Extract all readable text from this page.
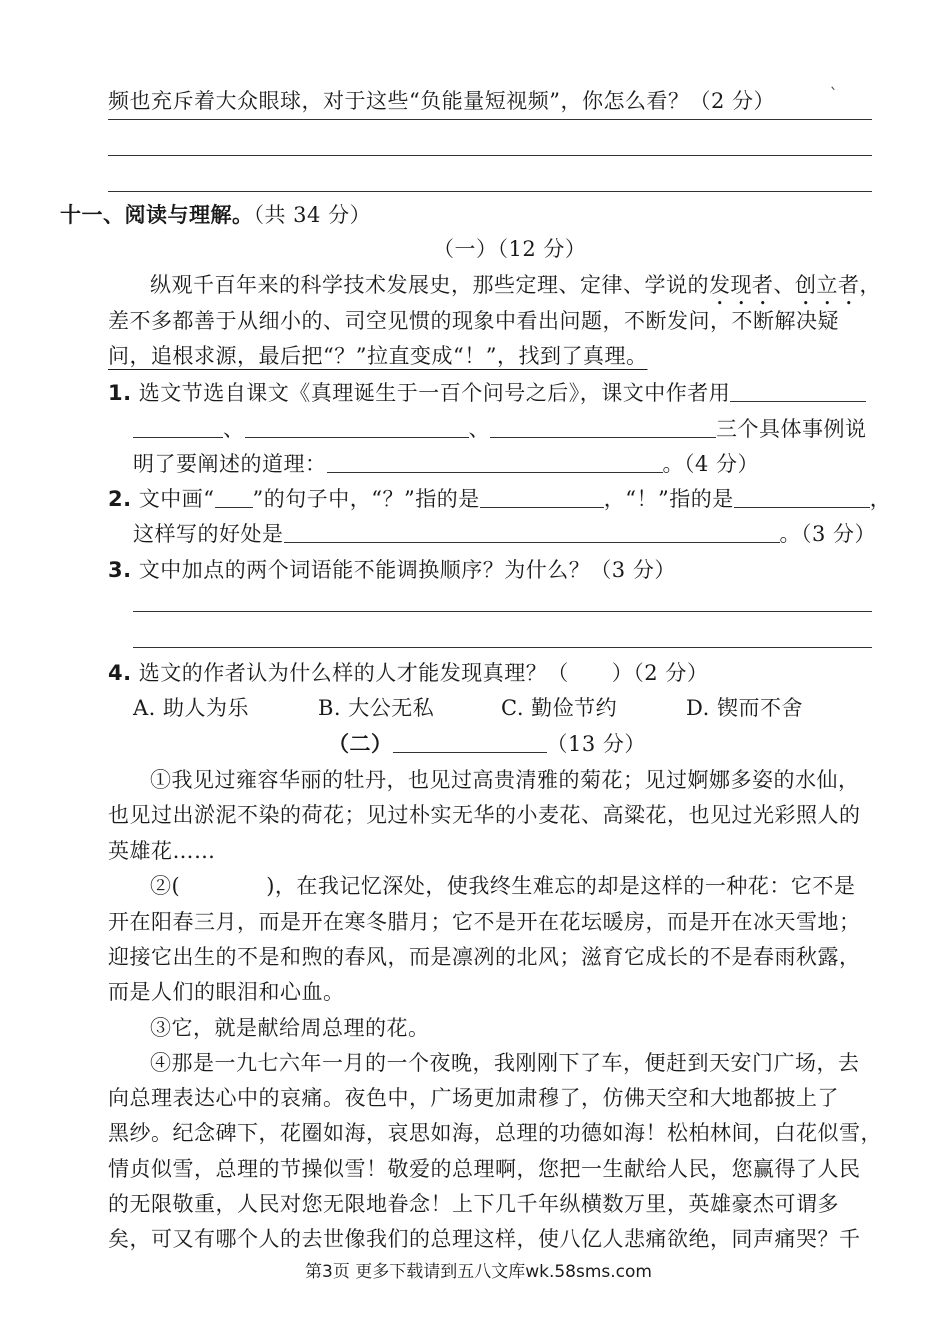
频也充斥着大众眼球，对于这些“负能量短视频”，你怎么看？（2 分）
十一、阅读与理解。（共 34 分）
（一）（12 分）
纵观千百年来的科学技术发展史，那些定理、定律、学说的发现者、创立者，
差不多都善于从细小的、司空见惯的现象中看出问题，不断发问，不断解决疑
问，追根求源，最后把“？”拉直变成“！”，找到了真理。
1. 选文节选自课文《真理诞生于一百个问号之后》，课文中作者用
、	、	三个具体事例说
明了要阐述的道理：	。（4 分）
2. 文中画“ ”的句子中，“？”指的是	，“！”指的是	，
这样写的好处是	。（3 分）
3. 文中加点的两个词语能不能调换顺序？为什么？（3 分）
4. 选文的作者认为什么样的人才能发现真理？（　　）（2 分）
A. 助人为乐	B. 大公无私	C. 勤俭节约	D. 锲而不舍
（二）	（13 分）
①我见过雍容华丽的牡丹，也见过高贵清雅的菊花；见过婀娜多姿的水仙，
也见过出淤泥不染的荷花；见过朴实无华的小麦花、高粱花，也见过光彩照人的
英雄花……
②(　　　　)，在我记忆深处，使我终生难忘的却是这样的一种花：它不是
开在阳春三月，而是开在寒冬腊月；它不是开在花坛暖房，而是开在冰天雪地；
迎接它出生的不是和煦的春风，而是凛冽的北风；滋育它成长的不是春雨秋露，
而是人们的眼泪和心血。
③它，就是献给周总理的花。
④那是一九七六年一月的一个夜晚，我刚刚下了车，便赶到天安门广场，去
向总理表达心中的哀痛。夜色中，广场更加肃穆了，仿佛天空和大地都披上了
黑纱。纪念碑下，花圈如海，哀思如海，总理的功德如海！松柏林间，白花似雪，
情贞似雪，总理的节操似雪！敬爱的总理啊，您把一生献给人民，您赢得了人民
的无限敬重，人民对您无限地眷念！上下几千年纵横数万里，英雄豪杰可谓多
矣，可又有哪个人的去世像我们的总理这样，使八亿人悲痛欲绝，同声痛哭？千
第3页 更多下载请到五八文库wk.58sms.com
